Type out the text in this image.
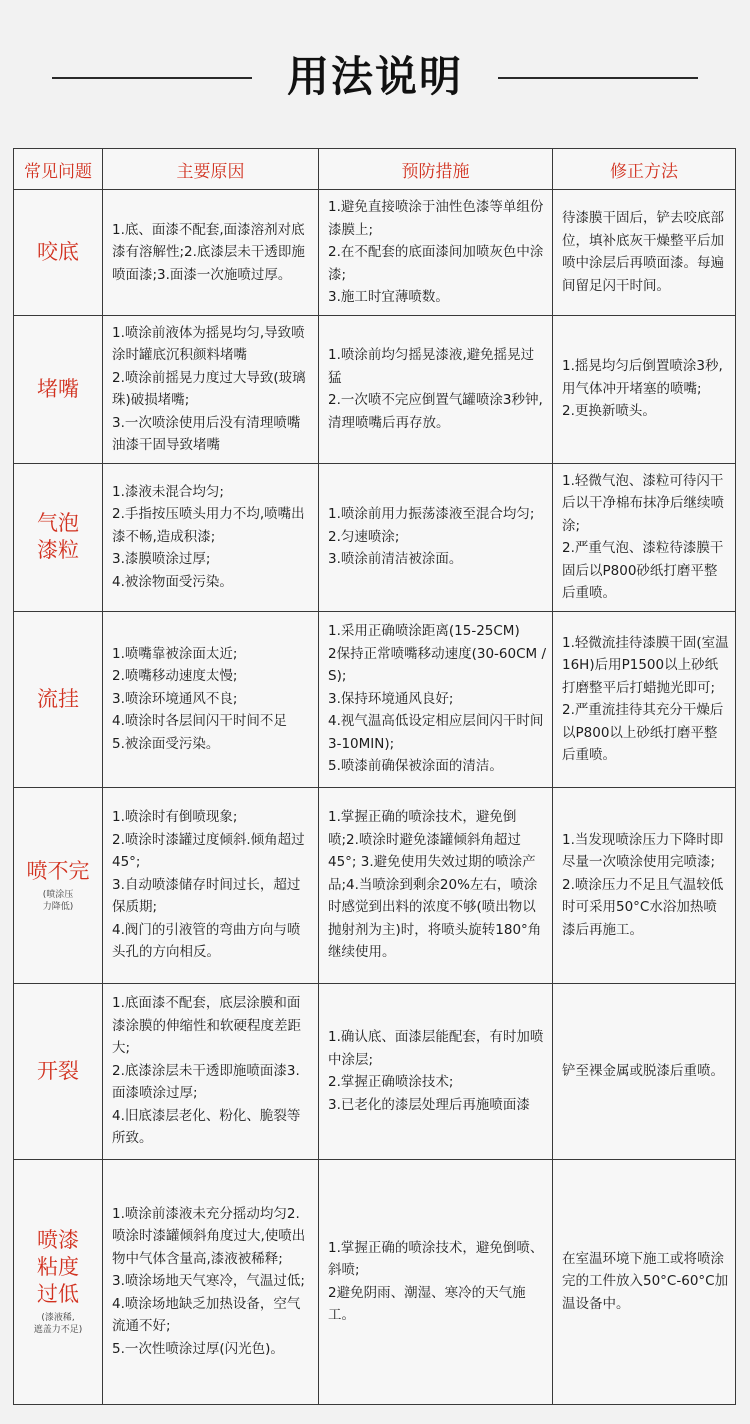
用法说明
常见问题	主要原因	预防措施	修正方法

咬底	1.底、面漆不配套,面漆溶剂对底漆有溶解性;2.底漆层未干透即施喷面漆;3.面漆一次施喷过厚。	1.避免直接喷涂于油性色漆等单组份漆膜上;
2.在不配套的底面漆间加喷灰色中涂漆;
3.施工时宜薄喷数。	待漆膜干固后，铲去咬底部位，填补底灰干燥整平后加喷中涂层后再喷面漆。每遍间留足闪干时间。

堵嘴	1.喷涂前液体为摇晃均匀,导致喷涂时罐底沉积颜料堵嘴
2.喷涂前摇晃力度过大导致(玻璃珠)破损堵嘴;
3.一次喷涂使用后没有清理喷嘴油漆干固导致堵嘴	1.喷涂前均匀摇晃漆液,避免摇晃过猛
2.一次喷不完应倒置气罐喷涂3秒钟,清理喷嘴后再存放。	1.摇晃均匀后倒置喷涂3秒,用气体冲开堵塞的喷嘴;
2.更换新喷头。

气泡
漆粒	1.漆液未混合均匀;
2.手指按压喷头用力不均,喷嘴出漆不畅,造成积漆;
3.漆膜喷涂过厚;
4.被涂物面受污染。	1.喷涂前用力振荡漆液至混合均匀;
2.匀速喷涂;
3.喷涂前清洁被涂面。	1.轻微气泡、漆粒可待闪干后以干净棉布抹净后继续喷涂;
2.严重气泡、漆粒待漆膜干固后以P800砂纸打磨平整后重喷。

流挂	1.喷嘴靠被涂面太近;
2.喷嘴移动速度太慢;
3.喷涂环境通风不良;
4.喷涂时各层间闪干时间不足
5.被涂面受污染。	1.采用正确喷涂距离(15-25CM)
2保持正常喷嘴移动速度(30-60CM / S);
3.保持环境通风良好;
4.视气温高低设定相应层间闪干时间3-10MIN);
5.喷漆前确保被涂面的清洁。	1.轻微流挂待漆膜干固(室温16H)后用P1500以上砂纸打磨整平后打蜡抛光即可;
2.严重流挂待其充分干燥后以P800以上砂纸打磨平整后重喷。

喷不完
(喷涂压
力降低)	1.喷涂时有倒喷现象;
2.喷涂时漆罐过度倾斜.倾角超过45°;
3.自动喷漆储存时间过长，超过保质期;
4.阀门的引液管的弯曲方向与喷头孔的方向相反。	1.掌握正确的喷涂技术，避免倒喷;2.喷涂时避免漆罐倾斜角超过45°; 3.避免使用失效过期的喷涂产品;4.当喷涂到剩余20%左右，喷涂时感觉到出料的浓度不够(喷出物以抛射剂为主)时，将喷头旋转180°角继续使用。	1.当发现喷涂压力下降时即尽量一次喷涂使用完喷漆;
2.喷涂压力不足且气温较低时可采用50°C水浴加热喷漆后再施工。

开裂	1.底面漆不配套，底层涂膜和面漆涂膜的伸缩性和软硬程度差距大;
2.底漆涂层未干透即施喷面漆3.面漆喷涂过厚;
4.旧底漆层老化、粉化、脆裂等所致。	1.确认底、面漆层能配套，有时加喷中涂层;
2.掌握正确喷涂技术;
3.已老化的漆层处理后再施喷面漆	铲至裸金属或脱漆后重喷。

喷漆
粘度
过低
(漆液稀,
遮盖力不足)	1.喷涂前漆液未充分摇动均匀2.喷涂时漆罐倾斜角度过大,使喷出物中气体含量高,漆液被稀释;
3.喷涂场地天气寒冷，气温过低;
4.喷涂场地缺乏加热设备，空气流通不好;
5.一次性喷涂过厚(闪光色)。	1.掌握正确的喷涂技术，避免倒喷、斜喷;
2避免阴雨、潮湿、寒冷的天气施工。	在室温环境下施工或将喷涂完的工件放入50°C-60°C加温设备中。
